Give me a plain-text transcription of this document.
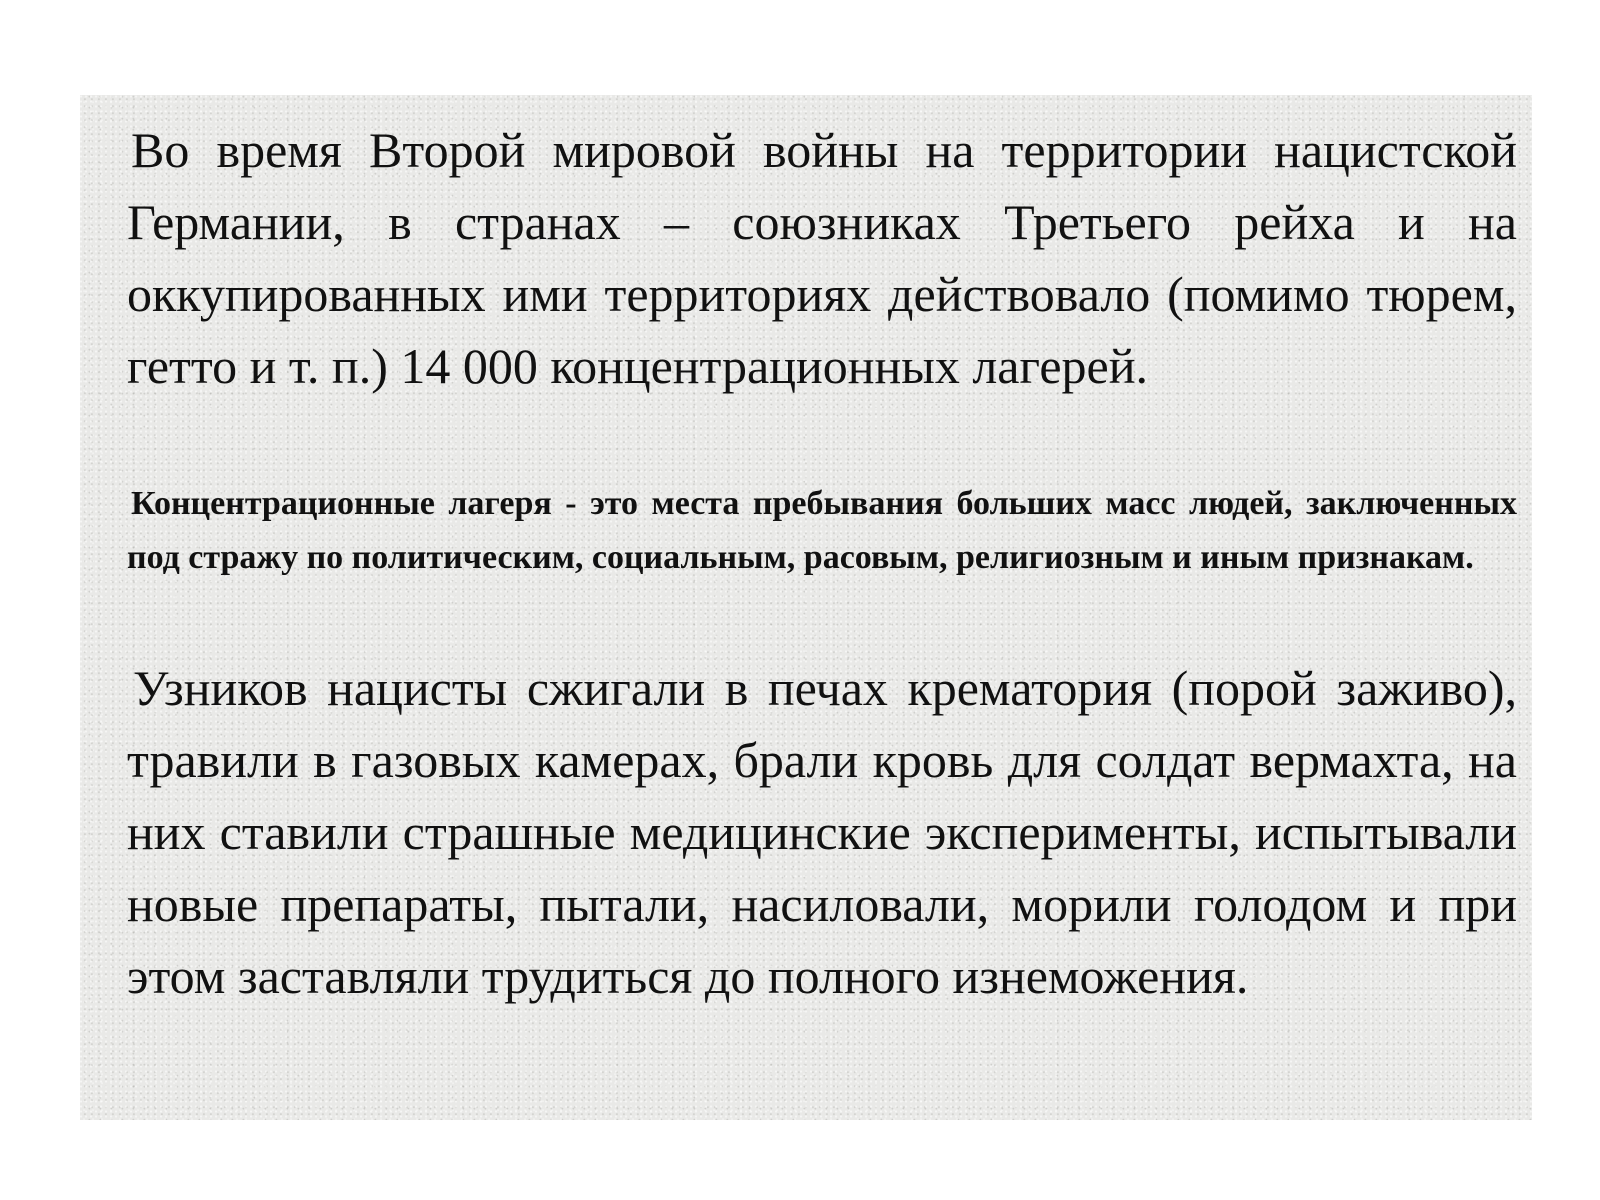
Во время Второй мировой войны на территории нацистской Германии, в странах – союзниках Третьего рейха и на оккупированных ими территориях действовало (помимо тюрем, гетто и т. п.) 14 000 концентрационных лагерей.

Концентрационные лагеря - это места пребывания больших масс людей, заключенных под стражу по политическим, социальным, расовым, религиозным и иным признакам.

Узников нацисты сжигали в печах крематория (порой заживо), травили в газовых камерах, брали кровь для солдат вермахта, на них ставили страшные медицинские эксперименты, испытывали новые препараты, пытали, насиловали, морили голодом и при этом заставляли трудиться до полного изнеможения.
